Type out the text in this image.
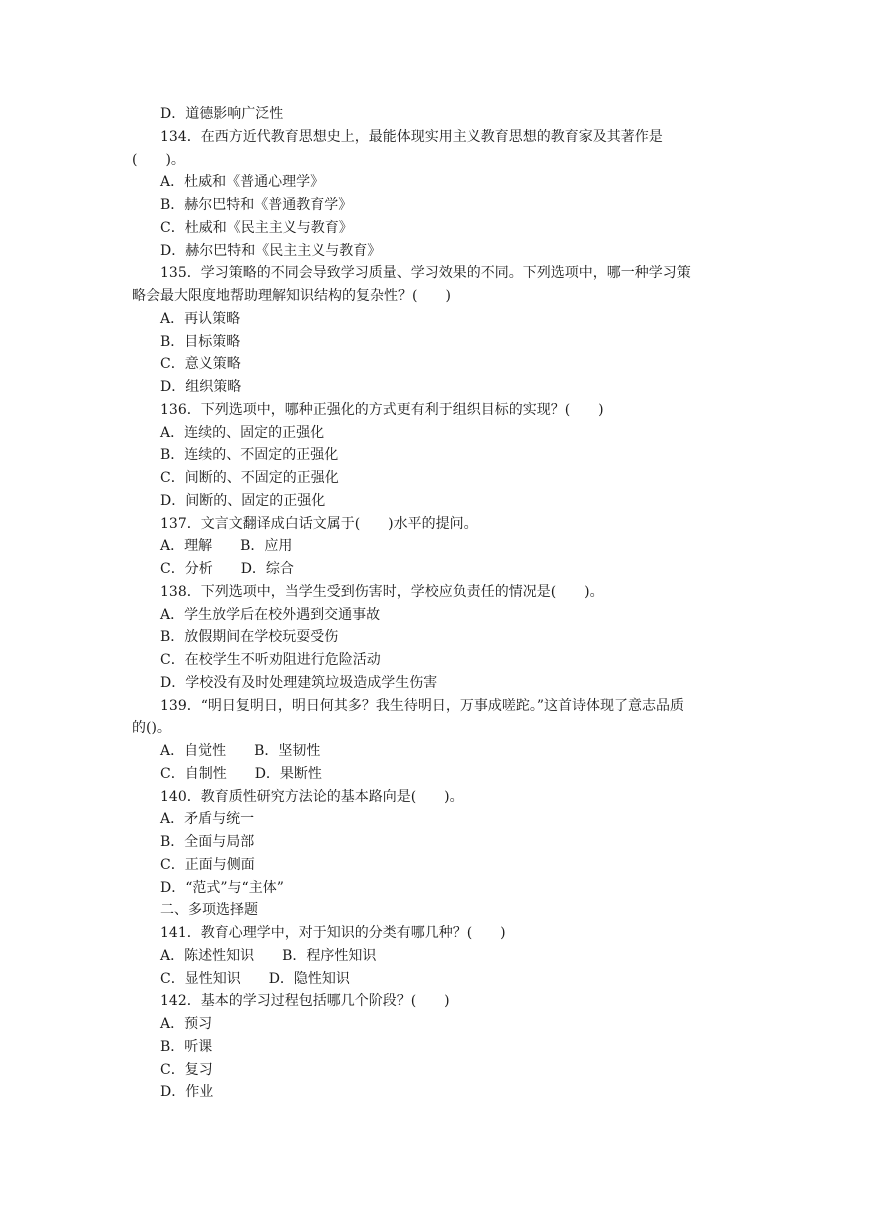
D．道德影响广泛性
134．在西方近代教育思想史上，最能体现实用主义教育思想的教育家及其著作是
(　　)。
A．杜威和《普通心理学》
B．赫尔巴特和《普通教育学》
C．杜威和《民主主义与教育》
D．赫尔巴特和《民主主义与教育》
135．学习策略的不同会导致学习质量、学习效果的不同。下列选项中，哪一种学习策
略会最大限度地帮助理解知识结构的复杂性？(　　)
A．再认策略
B．目标策略
C．意义策略
D．组织策略
136．下列选项中，哪种正强化的方式更有利于组织目标的实现？(　　)
A．连续的、固定的正强化
B．连续的、不固定的正强化
C．间断的、不固定的正强化
D．间断的、固定的正强化
137．文言文翻译成白话文属于(　　)水平的提问。
A．理解　　B．应用
C．分析　　D．综合
138．下列选项中，当学生受到伤害时，学校应负责任的情况是(　　)。
A．学生放学后在校外遇到交通事故
B．放假期间在学校玩耍受伤
C．在校学生不听劝阻进行危险活动
D．学校没有及时处理建筑垃圾造成学生伤害
139．“明日复明日，明日何其多？我生待明日，万事成嗟跎。”这首诗体现了意志品质
的()。
A．自觉性　　B．坚韧性
C．自制性　　D．果断性
140．教育质性研究方法论的基本路向是(　　)。
A．矛盾与统一
B．全面与局部
C．正面与侧面
D．“范式”与“主体”
二、多项选择题
141．教育心理学中，对于知识的分类有哪几种？(　　)
A．陈述性知识　　B．程序性知识
C．显性知识　　D．隐性知识
142．基本的学习过程包括哪几个阶段？(　　)
A．预习
B．听课
C．复习
D．作业
